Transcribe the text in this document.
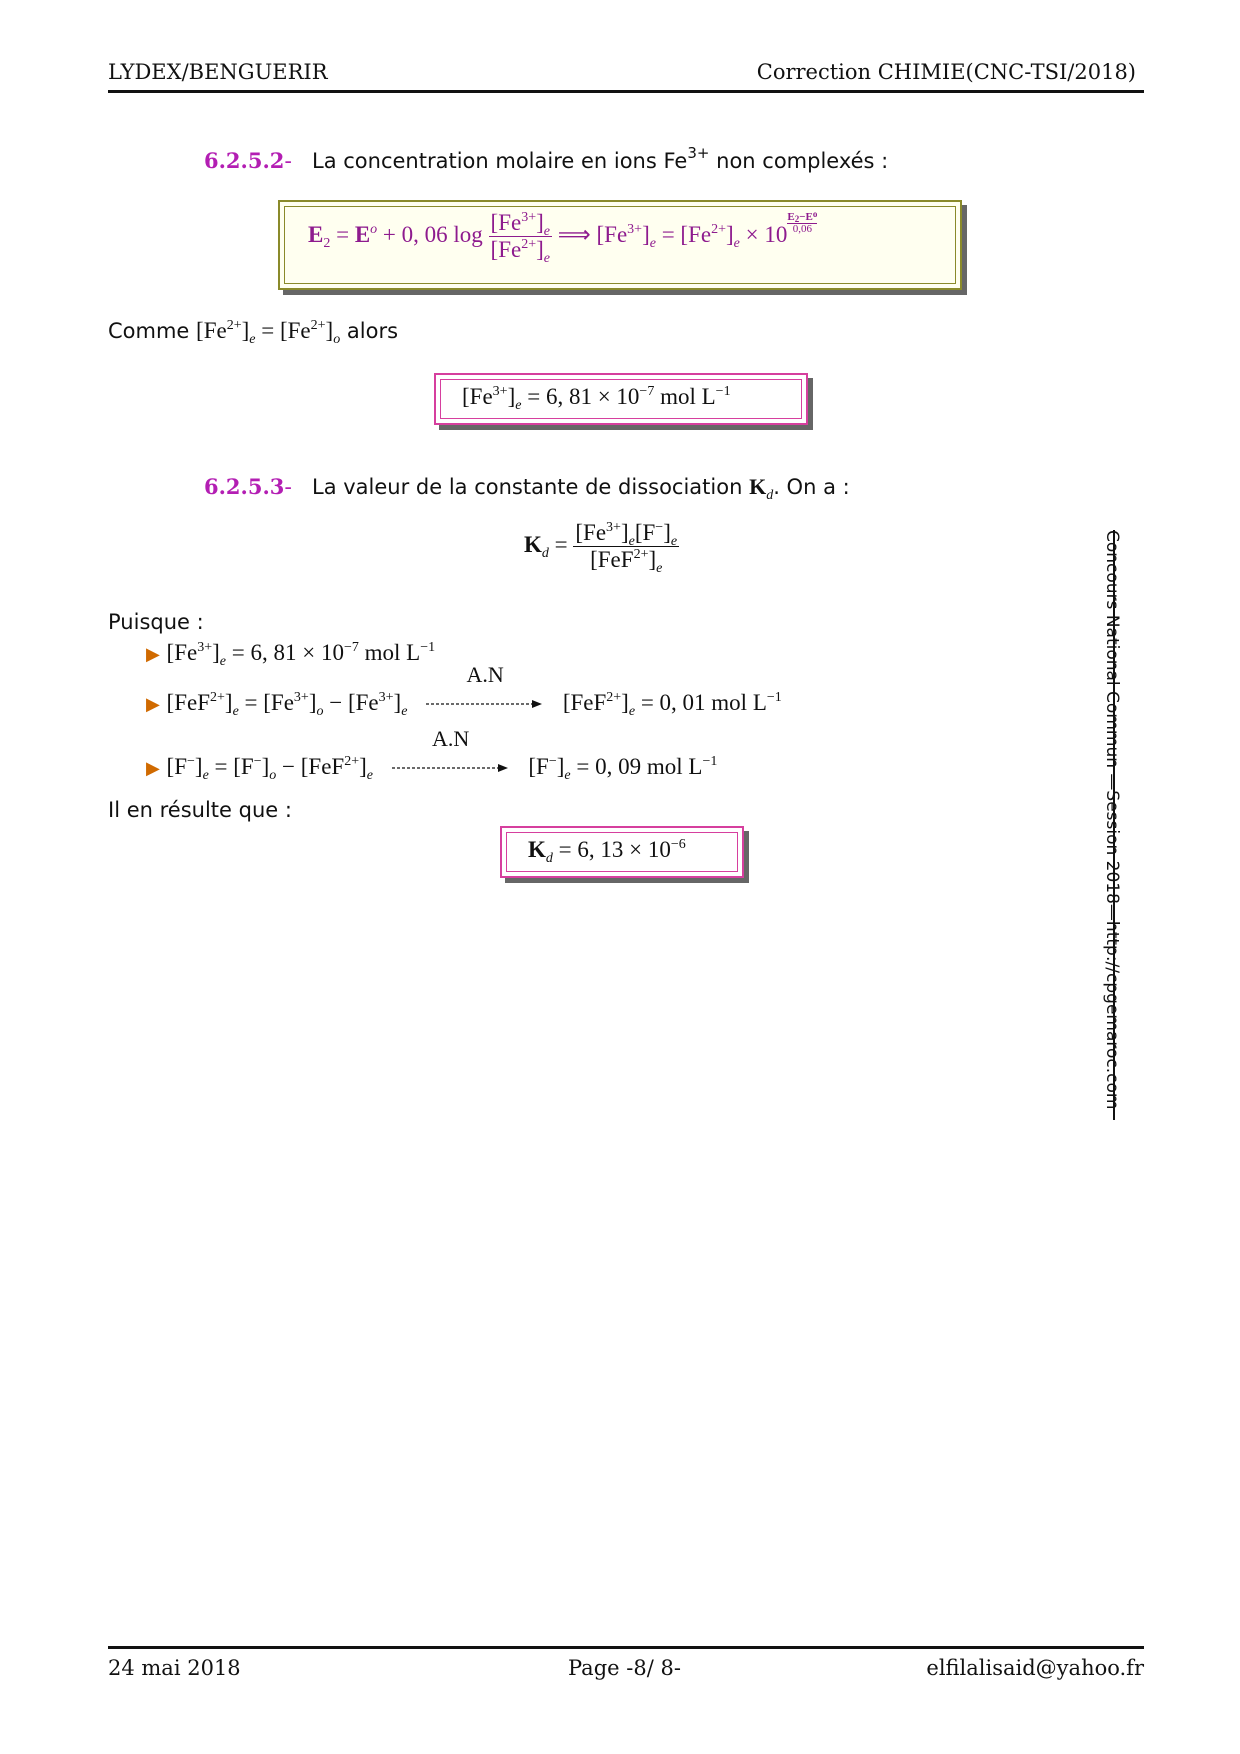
LYDEX/BENGUERIR	Correction CHIMIE(CNC-TSI/2018)
Concours National Commun —Session 2018—http://cpgemaroc.com
6.2.5.2- La concentration molaire en ions $Fe^{3+}$ non complexés :
$E_2 = E^o + 0$, 06 $\log \frac{[Fe^{3+}]_e}{[Fe^{2+}]_e}$ ⟹ $[Fe^{3+}]_e = [Fe^{2+}]_e \times 10 \frac{E_2-E^o}{0,06}$
Comme $[Fe^{2+}]_e = [Fe^{2+}]_o$ alors
$[Fe^{3+}]_e = 6$, $81 \times 10^{-7}$ mol $L^{-1}$
6.2.5.3- La valeur de la constante de dissociation $K_d$. On a :
$K_d = \frac{[Fe^{3+}]_e[F^-]_e}{[FeF^{2+}]_e}$
Puisque :
▶ $[Fe^{3+}]_e = 6$, $81 \times 10^{-7}$ mol $L^{-1}$
▶ $[FeF^{2+}]_e = [Fe^{3+}]_o - [Fe^{3+}]_e$
A.N
$[FeF^{2+}]_e = 0$, 01 mol $L^{-1}$
▶ $[F^-]_e = [F^-]_o - [FeF^{2+}]_e$
A.N
$[F^-]_e = 0$, 09 mol $L^{-1}$
Il en résulte que :
$K_d = 6$, $13 \times 10^{-6}$
24 mai 2018	Page -8/ 8-	elfilalisaid@yahoo.fr
